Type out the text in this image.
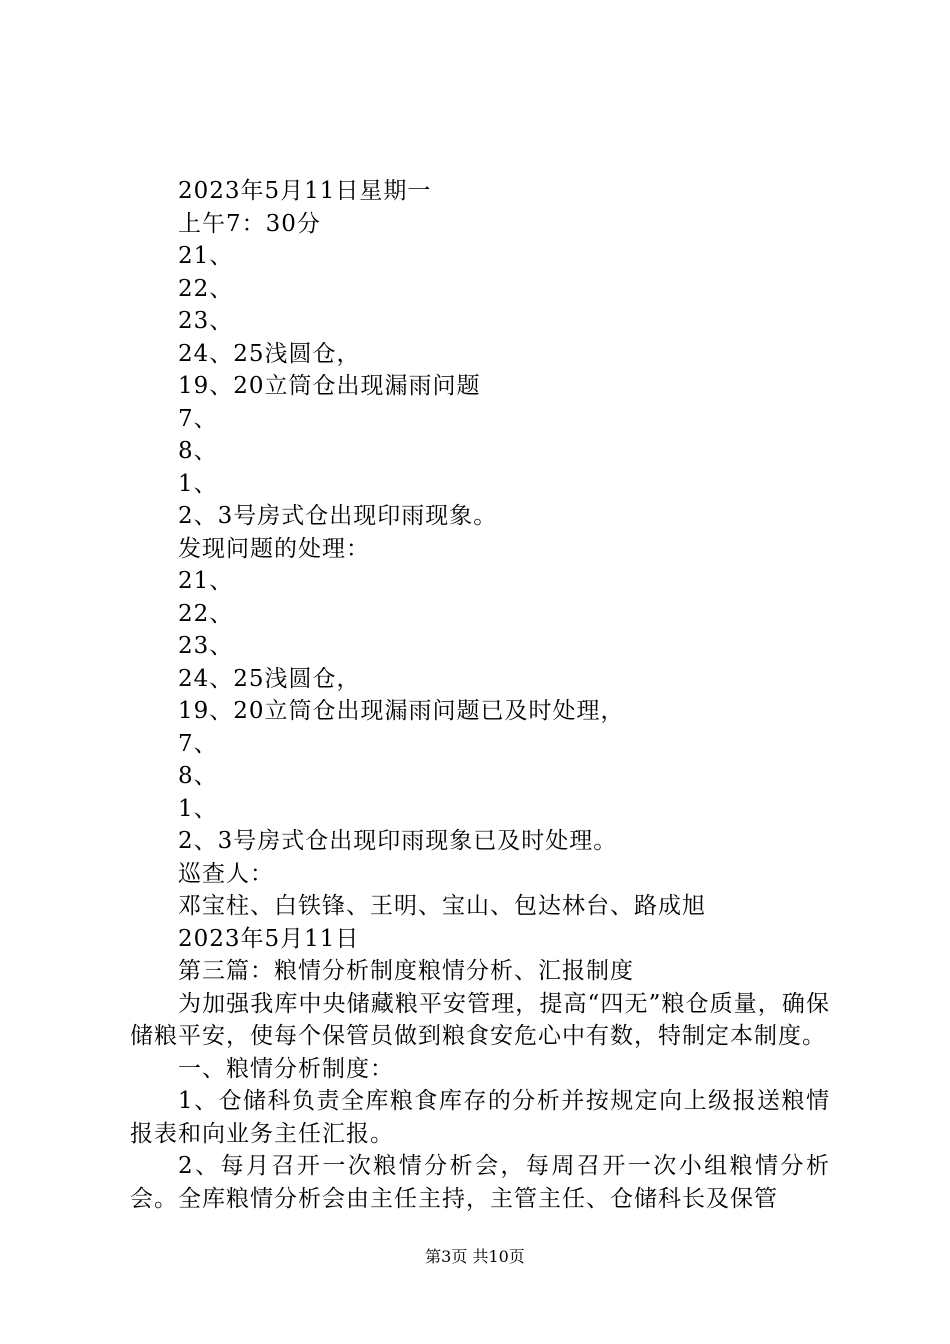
2023年5月11日星期一
上午7：30分
21、
22、
23、
24、25浅圆仓，
19、20立筒仓出现漏雨问题
7、
8、
1、
2、3号房式仓出现印雨现象。
发现问题的处理：
21、
22、
23、
24、25浅圆仓，
19、20立筒仓出现漏雨问题已及时处理，
7、
8、
1、
2、3号房式仓出现印雨现象已及时处理。
巡查人：
邓宝柱、白铁锋、王明、宝山、包达林台、路成旭
2023年5月11日
第三篇：粮情分析制度粮情分析、汇报制度

为加强我库中央储藏粮平安管理，提高“四无”粮仓质量，确保储粮平安，使每个保管员做到粮食安危心中有数，特制定本制度。

一、粮情分析制度：

1、仓储科负责全库粮食库存的分析并按规定向上级报送粮情报表和向业务主任汇报。

2、每月召开一次粮情分析会，每周召开一次小组粮情分析会。全库粮情分析会由主任主持，主管主任、仓储科长及保管

第3页 共10页
